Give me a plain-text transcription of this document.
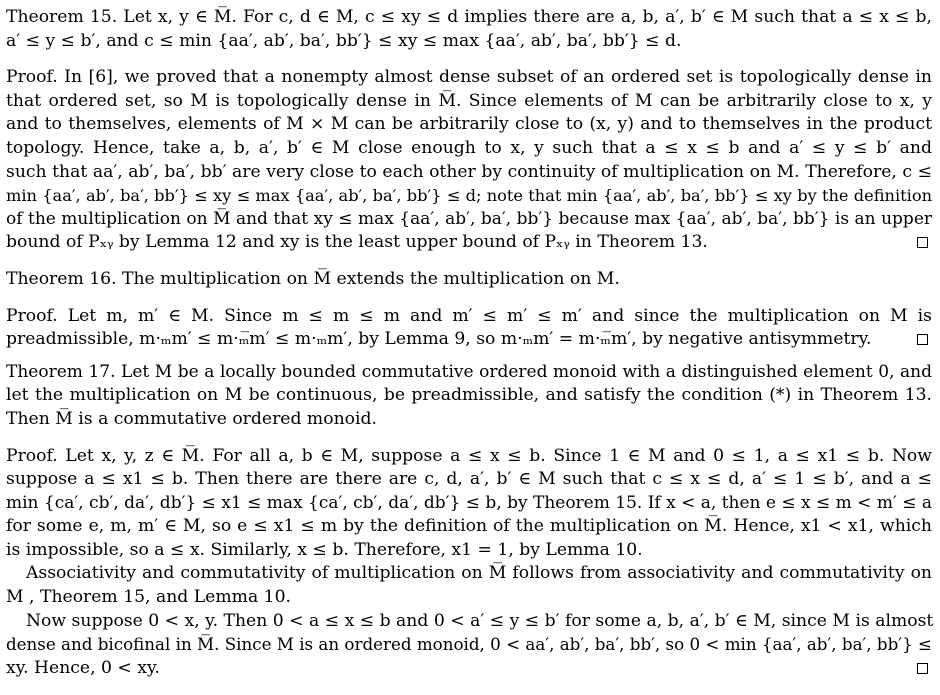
Theorem 15. Let x, y ∈ M̅. For c, d ∈ M, c ≤ xy ≤ d implies there are a, b, a′, b′ ∈ M such that a ≤ x ≤ b,
a′ ≤ y ≤ b′, and c ≤ min {aa′, ab′, ba′, bb′} ≤ xy ≤ max {aa′, ab′, ba′, bb′} ≤ d.
Proof. In [6], we proved that a nonempty almost dense subset of an ordered set is topologically dense in
that ordered set, so M is topologically dense in M̅. Since elements of M can be arbitrarily close to x, y
and to themselves, elements of M × M can be arbitrarily close to (x, y) and to themselves in the product
topology. Hence, take a, b, a′, b′ ∈ M close enough to x, y such that a ≤ x ≤ b and a′ ≤ y ≤ b′ and
such that aa′, ab′, ba′, bb′ are very close to each other by continuity of multiplication on M. Therefore, c ≤
min {aa′, ab′, ba′, bb′} ≤ xy ≤ max {aa′, ab′, ba′, bb′} ≤ d; note that min {aa′, ab′, ba′, bb′} ≤ xy by the definition
of the multiplication on M̅ and that xy ≤ max {aa′, ab′, ba′, bb′} because max {aa′, ab′, ba′, bb′} is an upper
bound of Pₓᵧ by Lemma 12 and xy is the least upper bound of Pₓᵧ in Theorem 13.
Theorem 16. The multiplication on M̅ extends the multiplication on M.
Proof. Let m, m′ ∈ M. Since m ≤ m ≤ m and m′ ≤ m′ ≤ m′ and since the multiplication on M is
preadmissible, m·ₘm′ ≤ m·ₘ̅m′ ≤ m·ₘm′, by Lemma 9, so m·ₘm′ = m·ₘ̅m′, by negative antisymmetry.
Theorem 17. Let M be a locally bounded commutative ordered monoid with a distinguished element 0, and
let the multiplication on M be continuous, be preadmissible, and satisfy the condition (*) in Theorem 13.
Then M̅ is a commutative ordered monoid.
Proof. Let x, y, z ∈ M̅. For all a, b ∈ M, suppose a ≤ x ≤ b. Since 1 ∈ M and 0 ≤ 1, a ≤ x1 ≤ b. Now
suppose a ≤ x1 ≤ b. Then there are there are c, d, a′, b′ ∈ M such that c ≤ x ≤ d, a′ ≤ 1 ≤ b′, and a ≤
min {ca′, cb′, da′, db′} ≤ x1 ≤ max {ca′, cb′, da′, db′} ≤ b, by Theorem 15. If x < a, then e ≤ x ≤ m < m′ ≤ a
for some e, m, m′ ∈ M, so e ≤ x1 ≤ m by the definition of the multiplication on M̅. Hence, x1 < x1, which
is impossible, so a ≤ x. Similarly, x ≤ b. Therefore, x1 = 1, by Lemma 10.
Associativity and commutativity of multiplication on M̅ follows from associativity and commutativity on
M , Theorem 15, and Lemma 10.
Now suppose 0 < x, y. Then 0 < a ≤ x ≤ b and 0 < a′ ≤ y ≤ b′ for some a, b, a′, b′ ∈ M, since M is almost
dense and bicofinal in M̅. Since M is an ordered monoid, 0 < aa′, ab′, ba′, bb′, so 0 < min {aa′, ab′, ba′, bb′} ≤
xy. Hence, 0 < xy.
